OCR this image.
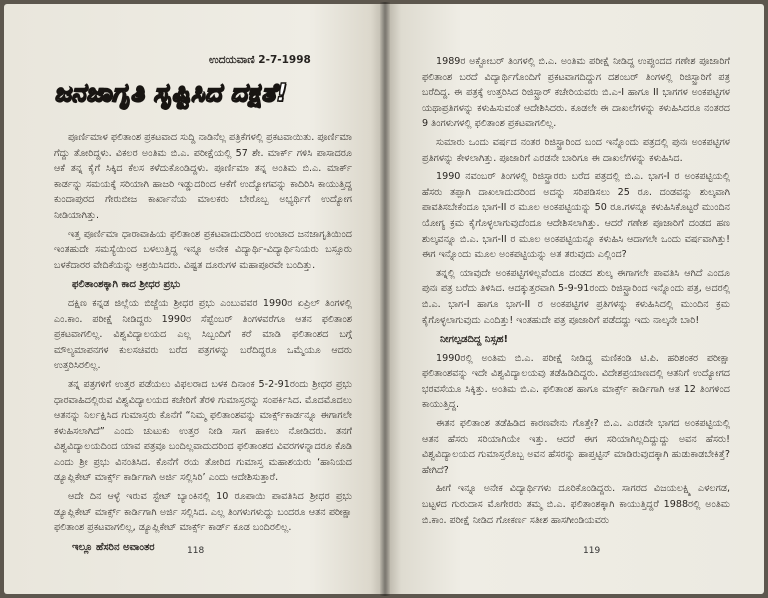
ಉದಯವಾಣಿ 2-7-1998
ಜನಜಾಗೃತಿ ಸೃಷ್ಟಿಸಿದ ದಕ್ಷತೆ!

ಪೂರ್ಣಿಮಾಳ ಫಲಿತಾಂಶ ಪ್ರಕಟವಾದ ಸುದ್ದಿ ನಾಡಿನೆಲ್ಲ ಪತ್ರಿಕೆಗಳಲ್ಲಿ ಪ್ರಕಟವಾಯಿತು. ಪೂರ್ಣಿಮಾ ಗೆದ್ದು ತೋರಿದ್ದಳು. ವಿಕಲರ ಅಂತಿಮ ಬಿ.ಎ. ಪರೀಕ್ಷೆಯಲ್ಲಿ 57 ಶೇ. ಮಾರ್ಕ್ ಗಳಿಸಿ ಪಾಸಾದರೂ ಆಕೆ ತನ್ನ ಕೈಗೆ ಸಿಕ್ಕಿದ ಕೆಲಸ ಕಳೆದುಕೊಂಡಿದ್ದಳು. ಪೂರ್ಣಿಮಾ ತನ್ನ ಅಂತಿಮ ಬಿ.ಎ. ಮಾರ್ಕ್ ಕಾರ್ಡನ್ನು ಸಮಯಕ್ಕೆ ಸರಿಯಾಗಿ ಹಾಜರಿ ಇಡ್ಡುದರಿಂದ ಆಕೆಗೆ ಉದ್ಯೋಗವನ್ನು ಕಾದಿರಿಸಿ ಕಾಯುತ್ತಿದ್ದ ಕುಂದಾಪುರದ ಗೇರುಬೀಜ ಕಾರ್ಖಾನೆಯ ಮಾಲಕರು ಬೇರೊಬ್ಬ ಅಭ್ಯರ್ಥಿಗೆ ಉದ್ಯೋಗ ನೀಡಿಯಾಗಿತ್ತು.

ಇತ್ತ ಪೂರ್ಣಿಮಾ ಧಾರಾವಾಹಿಯ ಫಲಿತಾಂಶ ಪ್ರಕಟವಾದುದರಿಂದ ಉಂಟಾದ ಜನಜಾಗೃತಿಯಿಂದ ಇಂತಹುದೇ ಸಮಸ್ಯೆಯಿಂದ ಬಳಲುತ್ತಿದ್ದ ಇನ್ನೂ ಅನೇಕ ವಿದ್ಯಾರ್ಥಿ-ವಿದ್ಯಾರ್ಥಿನಿಯರು ಬಸ್ಸೂರು ಬಳಕೆದಾರರ ವೇದಿಕೆಯನ್ನು ಆಶ್ರಯಿಸಿದರು. ವಿಷ್ಟತ ದೂರುಗಳ ಮಹಾಪೂರವೇ ಬಂದಿತ್ತು.

ಫಲಿತಾಂಶಕ್ಕಾಗಿ ಕಾದ ಶ್ರೀಧರ ಪ್ರಭು

ದಕ್ಷಿಣ ಕನ್ನಡ ಜಿಲ್ಲೆಯ ಬಿಜ್ಜೆಯ ಶ್ರೀಧರ ಪ್ರಭು ಎಂಬುವವರ 1990ರ ಏಪ್ರಿಲ್ ತಿಂಗಳಲ್ಲಿ ಎಂ.ಕಾಂ. ಪರೀಕ್ಷೆ ನೀಡಿದ್ದರು 1990ರ ಸೆಪ್ಟೆಂಬರ್ ತಿಂಗಳವರೆಗೂ ಆತನ ಫಲಿತಾಂಶ ಪ್ರಕಟವಾಗಲಿಲ್ಲ. ವಿಶ್ವವಿದ್ಯಾಲಯದ ಎಲ್ಲ ಸಿಬ್ಬಂದಿಗೆ ಕರೆ ಮಾಡಿ ಫಲಿತಾಂಶದ ಬಗ್ಗೆ ಮೌಲ್ಯಮಾಪನಗಳ ಕುಲಸಚಿವರು ಬರೆದ ಪತ್ರಗಳನ್ನು ಬರೆದಿದ್ದರೂ ಒಮ್ಮೆಯೂ ಆದರು ಉತ್ತರಿಸಿರಲಿಲ್ಲ.

ತನ್ನ ಪತ್ರಗಳಿಗೆ ಉತ್ತರ ಪಡೆಯಲು ವಿಫಲರಾದ ಬಳಕ ದಿನಾಂಕ 5-2-91ರಂದು ಶ್ರೀಧರ ಪ್ರಭು ಧಾರವಾಹಿದಲ್ಲಿರುವ ವಿಶ್ವವಿದ್ಯಾಲಯದ ಕಚೇರಿಗೆ ತೆರಳಿ ಗುಮಾಸ್ತರನ್ನು ಸಂಪರ್ಕಿಸಿದ. ಮೊದಮೊದಲು ಆತನನ್ನು ನಿರ್ಲಕ್ಷಿಸಿದ ಗುಮಾಸ್ತರು ಕೊನೆಗೆ “ನಿಮ್ಮ ಫಲಿತಾಂಶವನ್ನು ಮಾರ್ಕ್ಸ್‌ಕಾರ್ಡನ್ನೂ ಈಗಾಗಲೇ ಕಳುಹಿಸಲಾಗಿದೆ” ಎಂದು ಚುಟುಕು ಉತ್ತರ ನೀಡಿ ಸಾಗ ಹಾಕಲು ನೋಡಿದರು. ತನಗೆ ವಿಶ್ವವಿದ್ಯಾಲಯದಿಂದ ಯಾವ ಪತ್ರವೂ ಬಂದಿಲ್ಲವಾದುದರಿಂದ ಫಲಿತಾಂಶದ ವಿವರಗಳನ್ನಾದರೂ ಕೊಡಿ ಎಂದು ಶ್ರೀ ಪ್ರಭು ವಿನಂತಿಸಿದ. ಕೊನೆಗೆ ರಯ ತೋರಿದ ಗುಮಾಸ್ತ ಮಹಾಶಯರು ‘ಹಾನಿಯದ ಡ್ಯೂಪ್ಲಿಕೇಟ್ ಮಾರ್ಕ್ಸ್ ಕಾರ್ಡಿಗಾಗಿ ಅರ್ಜಿ ಸಲ್ಲಿಸಿರಿ’ ಎಂದು ಆದೇಶಿಸುತ್ತಾರೆ.

ಆದೇ ದಿನ ಆಳ್ಳೆ ಇರುವ ಸ್ಟೇಟ್ ಬ್ಯಾಂಕಿನಲ್ಲಿ 10 ರೂಪಾಯಿ ಪಾವತಿಸಿದ ಶ್ರೀಧರ ಪ್ರಭು ಡ್ಯೂಪ್ಲಿಕೇಟ್ ಮಾರ್ಕ್ಸ್ ಕಾರ್ಡಿಗಾಗಿ ಅರ್ಜಿ ಸಲ್ಲಿಸಿದ. ಎಲ್ಲ ತಿಂಗಳುಗಳುದ್ದು ಬಂದರೂ ಆತನ ಪರೀಕ್ಷಾ ಫಲಿತಾಂಶ ಪ್ರಕಟವಾಗಲಿಲ್ಲ, ಡ್ಯೂಪ್ಲಿಕೇಟ್ ಮಾರ್ಕ್ಸ್ ಕಾರ್ಡ್ ಕೂಡ ಬಂದಿರಲಿಲ್ಲ.

ಇಲ್ಲೂ ಹೆಸರಿನ ಅವಾಂತರ	118

1989ರ ಅಕ್ಟೋಬರ್ ತಿಂಗಳಲ್ಲಿ ಬಿ.ಎ. ಅಂತಿಮ ಪರೀಕ್ಷೆ ನೀಡಿದ್ದ ಉಪ್ಪುಂದದ ಗಣೇಶ ಪೂಜಾರಿಗೆ ಫಲಿತಾಂಶ ಬರದೆ ವಿದ್ಯಾರ್ಥಿಗೊಂದಿಗೆ ಪ್ರಕಟವಾಗದಿದ್ದುಗ ದಶಂಬರ್ ತಿಂಗಳಲ್ಲಿ ರಿಜಿಸ್ಟ್ರಾರಿಗೆ ಪತ್ರ ಬರೆದಿದ್ದ. ಈ ಪತ್ರಕ್ಕೆ ಉತ್ತರಿಸಿದ ರಿಜಿಸ್ಟ್ರಾರ್ ಕಚೇರಿಯವರು ಬಿ.ಎ-I ಹಾಗೂ II ಭಾಗಗಳ ಅಂಕಪಟ್ಟಿಗಳ ಯಥಾಪ್ರತಿಗಳನ್ನು ಕಳುಹಿಸುವಂತೆ ಆದೇಶಿಸಿದರು. ಕೂಡಲೇ ಈ ದಾಖಲೆಗಳನ್ನು ಕಳುಹಿಸಿದರೂ ನಂತರದ 9 ತಿಂಗಳುಗಳಲ್ಲಿ ಫಲಿತಾಂಶ ಪ್ರಕಟವಾಗಲಿಲ್ಲ.

ಸುಮಾರು ಒಂದು ವರ್ಷದ ನಂತರ ರಿಜಿಸ್ಟ್ರಾರಿಂದ ಬಂದ ಇನ್ನೊಂದು ಪತ್ರದಲ್ಲಿ ಪುನಃ ಅಂಕಪಟ್ಟಿಗಳ ಪ್ರತಿಗಳನ್ನು ಕೇಳಲಾಗಿತ್ತು. ಪೂಜಾರಿಗೆ ಎರಡನೇ ಬಾರಿಗೂ ಈ ದಾಖಲೆಗಳನ್ನು ಕಳುಹಿಸಿದ.

1990 ನವಂಬರ್ ತಿಂಗಳಲ್ಲಿ ರಿಜಿಸ್ಟ್ರಾರರು ಬರೆದ ಪತ್ರದಲ್ಲಿ ಬಿ.ಎ. ಭಾಗ-I ರ ಅಂಕಪಟ್ಟಿಯಲ್ಲಿ ಹೆಸರು ತಪ್ಪಾಗಿ ದಾಖಲಾದುದರಿಂದ ಅದನ್ನು ಸರಿಪಡಿಸಲು 25 ರೂ. ದಂಡವನ್ನು ಶುಲ್ಕವಾಗಿ ಪಾವತಿಸಬೇಕೆಂದೂ ಭಾಗ-II ರ ಮೂಲ ಅಂಕಪಟ್ಟಿಯನ್ನು 50 ರೂ.ಗಳನ್ನೂ ಕಳುಹಿಸಿಕೊಟ್ಟರೆ ಮುಂದಿನ ಯೋಗ್ಯ ಕ್ರಮ ಕೈಗೊಳ್ಳಲಾಗುವುದೆಂದೂ ಆದೇಶಿಸಲಾಗಿತ್ತು. ಆದರೆ ಗಣೇಶ ಪೂಜಾರಿಗೆ ದಂಡದ ಹಣ ಶುಲ್ಕವನ್ನೂ ಬಿ.ಎ. ಭಾಗ-II ರ ಮೂಲ ಅಂಕಪಟ್ಟಿಯನ್ನೂ ಕಳುಹಿಸಿ ಆದಾಗಲೇ ಒಂದು ವರ್ಷವಾಗಿತ್ತು! ಈಗ ಇನ್ನೊಂದು ಮೂಲ ಅಂಕಪಟ್ಟಿಯನ್ನು ಅತ ತರುವುದು ಎಲ್ಲಿಂದ?

ತನ್ನಲ್ಲಿ ಯಾವುದೇ ಅಂಕಪಟ್ಟಿಗಳಿಲ್ಲವೆಂದೂ ದಂಡದ ಶುಲ್ಕ ಈಗಾಗಲೇ ಪಾವತಿಸಿ ಆಗಿದೆ ಎಂದೂ ಪುನಃ ಪತ್ರ ಬರೆದು ತಿಳಿಸಿದ. ಆದಕ್ಕುತ್ತರವಾಗಿ 5-9-91ರಂದು ರಿಜಿಸ್ಟ್ರಾರಿಂದ ಇನ್ನೊಂದು ಪತ್ರ, ಅದರಲ್ಲಿ ಬಿ.ಎ. ಭಾಗ-I ಹಾಗೂ ಭಾಗ-II ರ ಅಂಕಪಟ್ಟಿಗಳ ಪ್ರತಿಗಳನ್ನು ಕಳುಹಿಸಿದಲ್ಲಿ ಮುಂದಿನ ಕ್ರಮ ಕೈಗೊಳ್ಳಲಾಗುವುದು ಎಂದಿತ್ತು! ಇಂತಹುದೇ ಪತ್ರ ಪೂಜಾರಿಗೆ ಪಡೆದದ್ದು ಇದು ನಾಲ್ಕನೇ ಬಾರಿ!

ನೀಗಲ್ಪಡದಿದ್ದ ನಿಸ್ಸಹ!

1990ರಲ್ಲಿ ಅಂತಿಮ ಬಿ.ಎ. ಪರೀಕ್ಷೆ ನೀಡಿದ್ದ ಮಣಿಕಂಡಿ ಟಿ.ಪಿ. ಹರಿಶಂಕರ ಪರೀಕ್ಷಾ ಫಲಿತಾಂಶವನ್ನು ಇದೇ ವಿಶ್ವವಿದ್ಯಾಲಯವು ತಡೆಹಿಡಿದಿದ್ದರು. ವಿದೇಶಪ್ರಯಾಣದಲ್ಲಿ ಆತನಿಗೆ ಉದ್ಯೋಗದ ಭರವಸೆಯೂ ಸಿಕ್ಕಿತ್ತು. ಅಂತಿಮ ಬಿ.ಎ. ಫಲಿತಾಂಶ ಹಾಗೂ ಮಾರ್ಕ್ಸ್ ಕಾರ್ಡಿಗಾಗಿ ಆತ 12 ತಿಂಗಳಿಂದ ಕಾಯುತ್ತಿದ್ದ.

ಈತನ ಫಲಿತಾಂಶ ತಡೆಹಿಡಿದ ಕಾರಣವೇನು ಗೊತ್ತೇ? ಬಿ.ಎ. ಎರಡನೇ ಭಾಗದ ಅಂಕಪಟ್ಟಿಯಲ್ಲಿ ಆತನ ಹೆಸರು ಸರಿಯಾಗಿಯೇ ಇತ್ತು. ಆದರೆ ಈಗ ಸರಿಯಾಗಿಲ್ಲದಿದ್ದುದ್ದು ಅವನ ಹೆಸರು! ವಿಶ್ವವಿದ್ಯಾಲಯದ ಗುಮಾಸ್ತರೊಬ್ಬ ಅವನ ಹೆಸರನ್ನು ಹಾಪ್ತಟ್ಟಿನ್ ಮಾಡಿರುವುದಕ್ಕಾಗಿ ಹುಡುಕಾಡಬೇಕಿತ್ತೆ? ಹೇಗಿದೆ?

ಹೀಗೆ ಇನ್ನೂ ಅನೇಕ ವಿದ್ಯಾರ್ಥಿಗಳು ದೂರಿಕೊಂಡಿದ್ದರು. ಸಾಗರದ ವಿಜಯಲಕ್ಷ್ಮಿ ಎಳಲಗಡ, ಬಟ್ಟಳದ ಗುರುದಾಸ ಮೊಗೇರರು ತಮ್ಮ ಬಿ.ಎ. ಫಲಿತಾಂಶಕ್ಕಾಗಿ ಕಾಯುತ್ತಿದ್ದರೆ 1988ರಲ್ಲಿ ಅಂತಿಮ ಬಿ.ಕಾಂ. ಪರೀಕ್ಷೆ ನೀಡಿದ ಗೋಕರ್ಣ ಸತೀಶ ಹಾಸಗೀಂಡಿಯವರು

119
